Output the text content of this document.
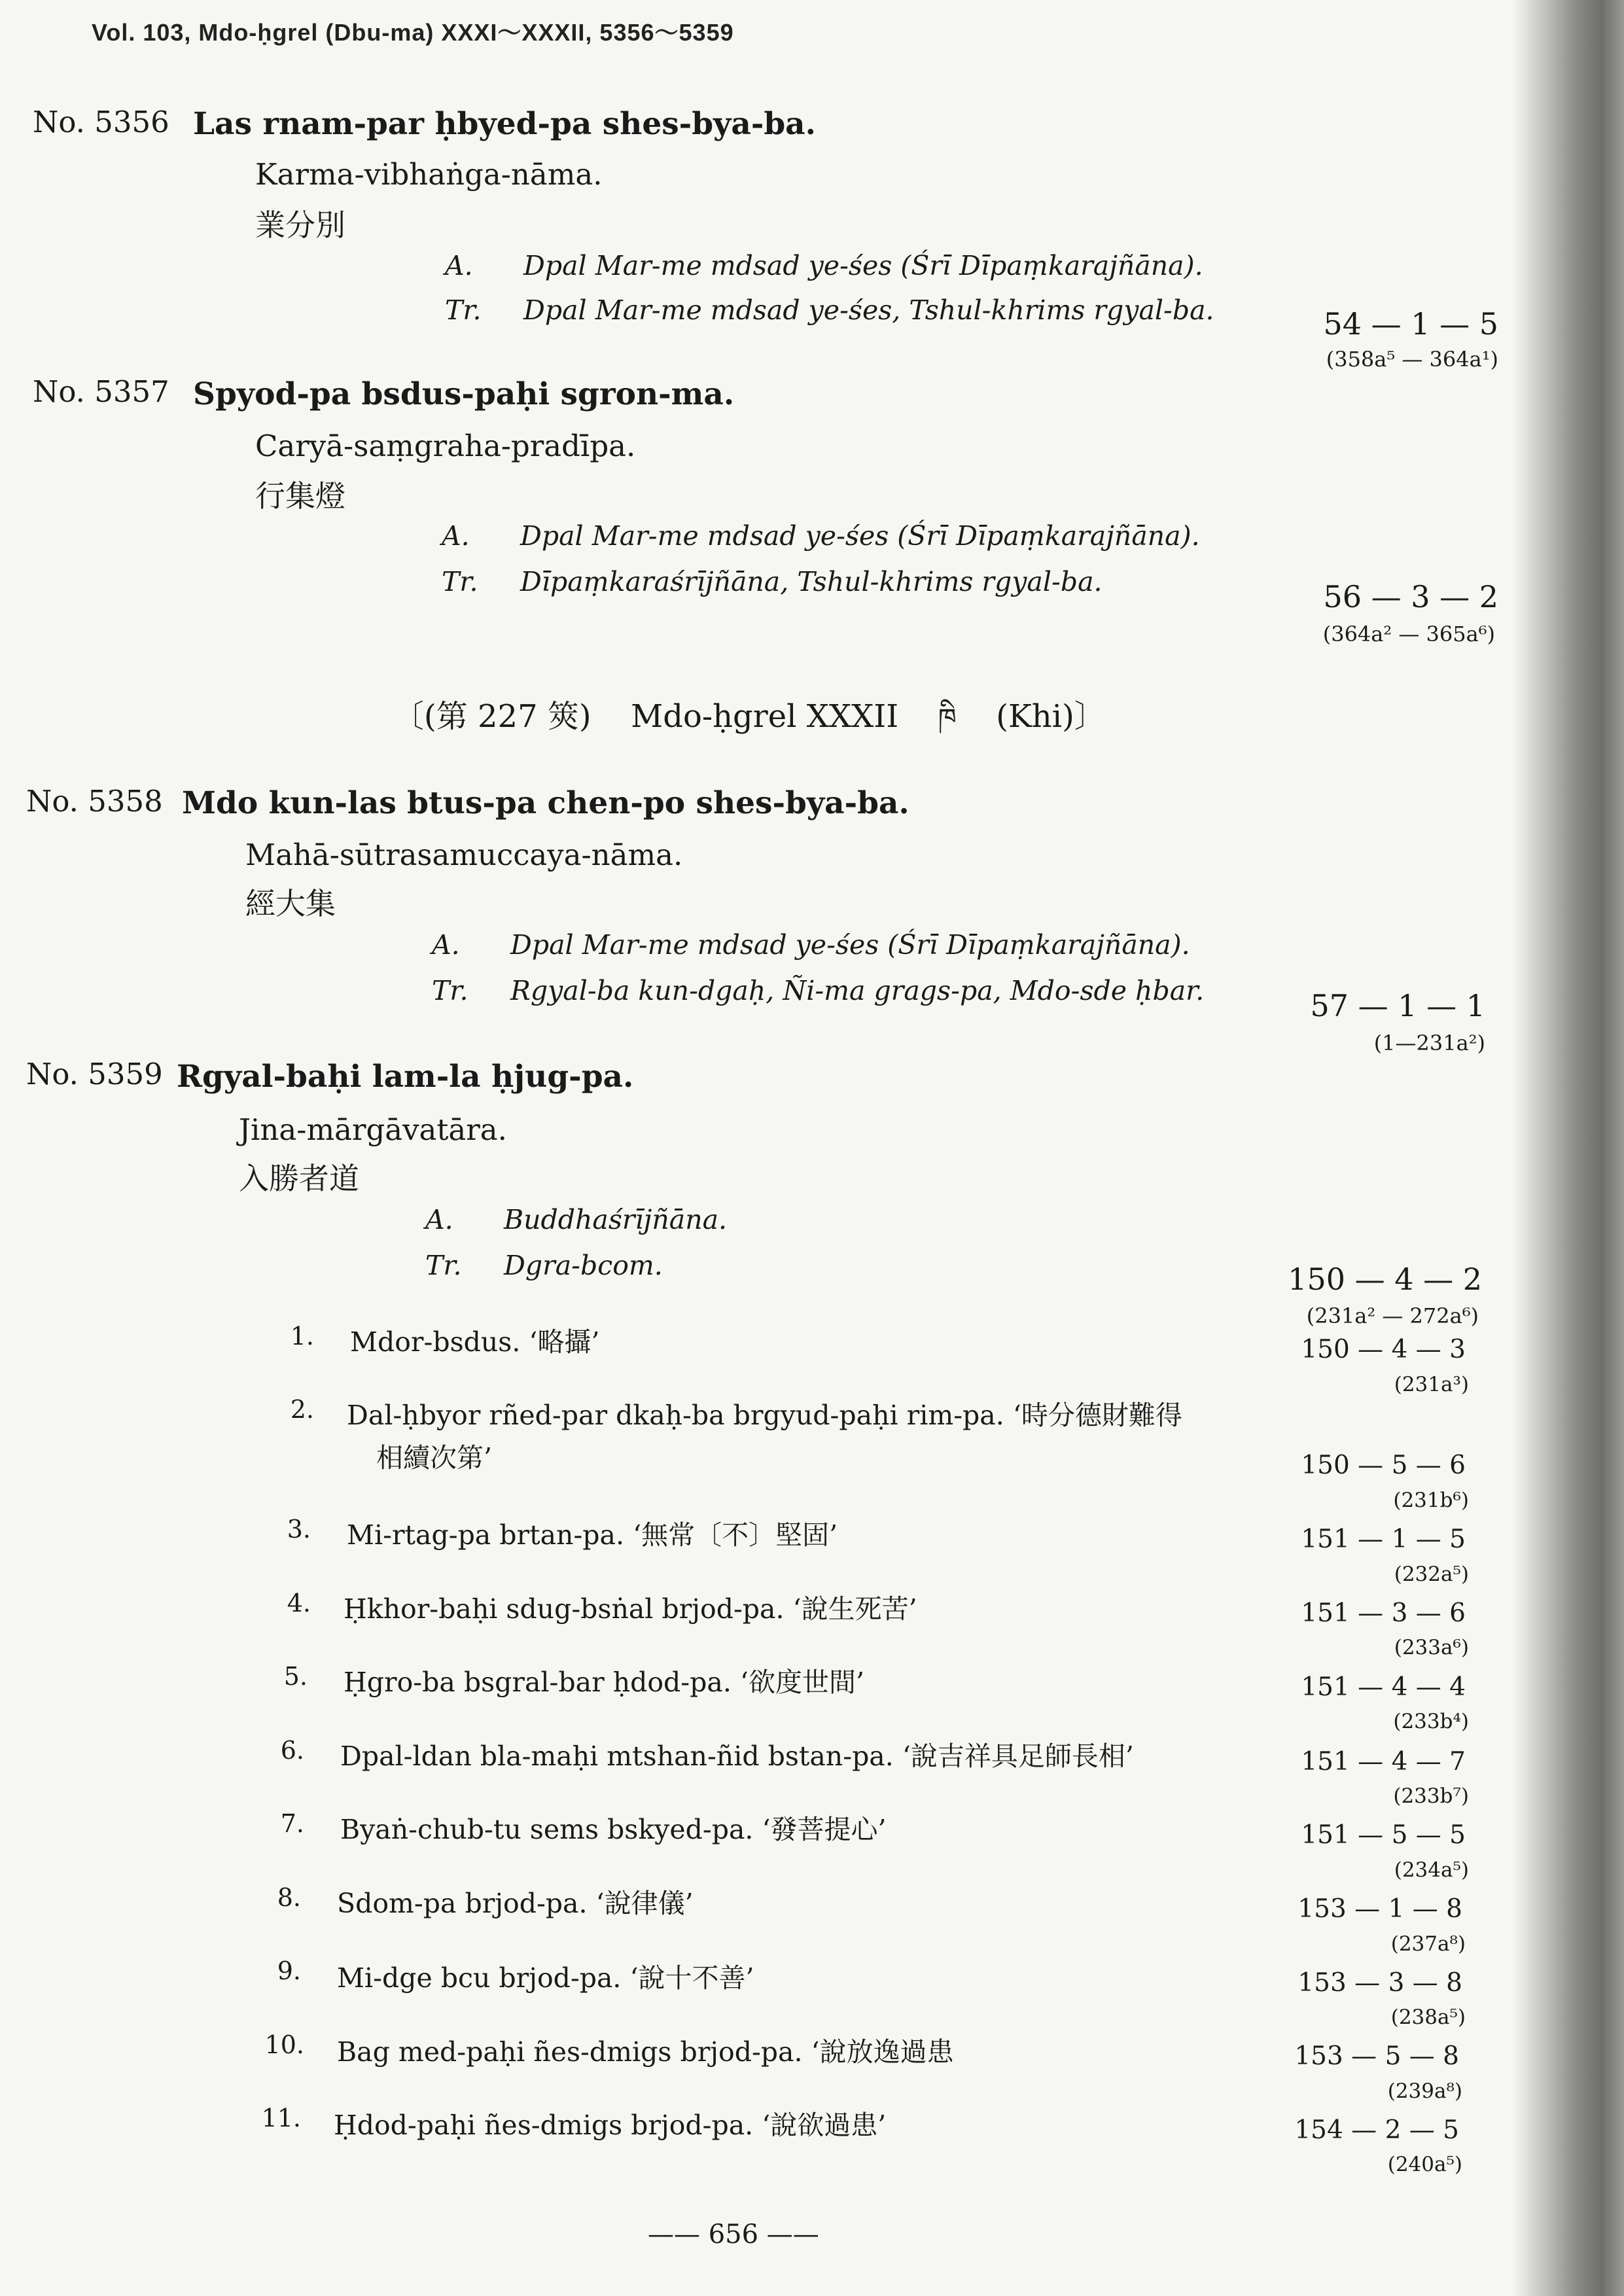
Vol. 103, Mdo-ḥgrel (Dbu-ma) XXXI～XXXII, 5356～5359
No. 5356 Las rnam-par ḥbyed-pa shes-bya-ba.
Karma-vibhaṅga-nāma.
業分別
A. Dpal Mar-me mdsad ye-śes (Śrī Dīpaṃkarajñāna).
Tr. Dpal Mar-me mdsad ye-śes, Tshul-khrims rgyal-ba.	54 — 1 — 5
(358a⁵ — 364a¹)
No. 5357 Spyod-pa bsdus-paḥi sgron-ma.
Caryā-saṃgraha-pradīpa.
行集燈
A. Dpal Mar-me mdsad ye-śes (Śrī Dīpaṃkarajñāna).
Tr. Dīpaṃkaraśrījñāna, Tshul-khrims rgyal-ba.	56 — 3 — 2
(364a² — 365a⁶)
〔(第 227 筴) Mdo-ḥgrel XXXII ཁི (Khi)〕
No. 5358 Mdo kun-las btus-pa chen-po shes-bya-ba.
Mahā-sūtrasamuccaya-nāma.
經大集
A. Dpal Mar-me mdsad ye-śes (Śrī Dīpaṃkarajñāna).
Tr. Rgyal-ba kun-dgaḥ, Ñi-ma grags-pa, Mdo-sde ḥbar.	57 — 1 — 1
(1—231a²)
No. 5359 Rgyal-baḥi lam-la ḥjug-pa.
Jina-mārgāvatāra.
入勝者道
A. Buddhaśrījñāna.
Tr. Dgra-bcom.	150 — 4 — 2
(231a² — 272a⁶)
1. Mdor-bsdus. ‘略攝’	150 — 4 — 3
(231a³)
2. Dal-ḥbyor rñed-par dkaḥ-ba brgyud-paḥi rim-pa. ‘時分德財難得
相續次第’	150 — 5 — 6
(231b⁶)
3. Mi-rtag-pa brtan-pa. ‘無常〔不〕堅固’	151 — 1 — 5
(232a⁵)
4. Ḥkhor-baḥi sdug-bsṅal brjod-pa. ‘說生死苦’	151 — 3 — 6
(233a⁶)
5. Ḥgro-ba bsgral-bar ḥdod-pa. ‘欲度世間’	151 — 4 — 4
(233b⁴)
6. Dpal-ldan bla-maḥi mtshan-ñid bstan-pa. ‘說吉祥具足師長相’	151 — 4 — 7
(233b⁷)
7. Byaṅ-chub-tu sems bskyed-pa. ‘發菩提心’	151 — 5 — 5
(234a⁵)
8. Sdom-pa brjod-pa. ‘說律儀’	153 — 1 — 8
(237a⁸)
9. Mi-dge bcu brjod-pa. ‘說十不善’	153 — 3 — 8
(238a⁵)
10. Bag med-paḥi ñes-dmigs brjod-pa. ‘說放逸過患	153 — 5 — 8
(239a⁸)
11. Ḥdod-paḥi ñes-dmigs brjod-pa. ‘說欲過患’	154 — 2 — 5
(240a⁵)
—— 656 ——
